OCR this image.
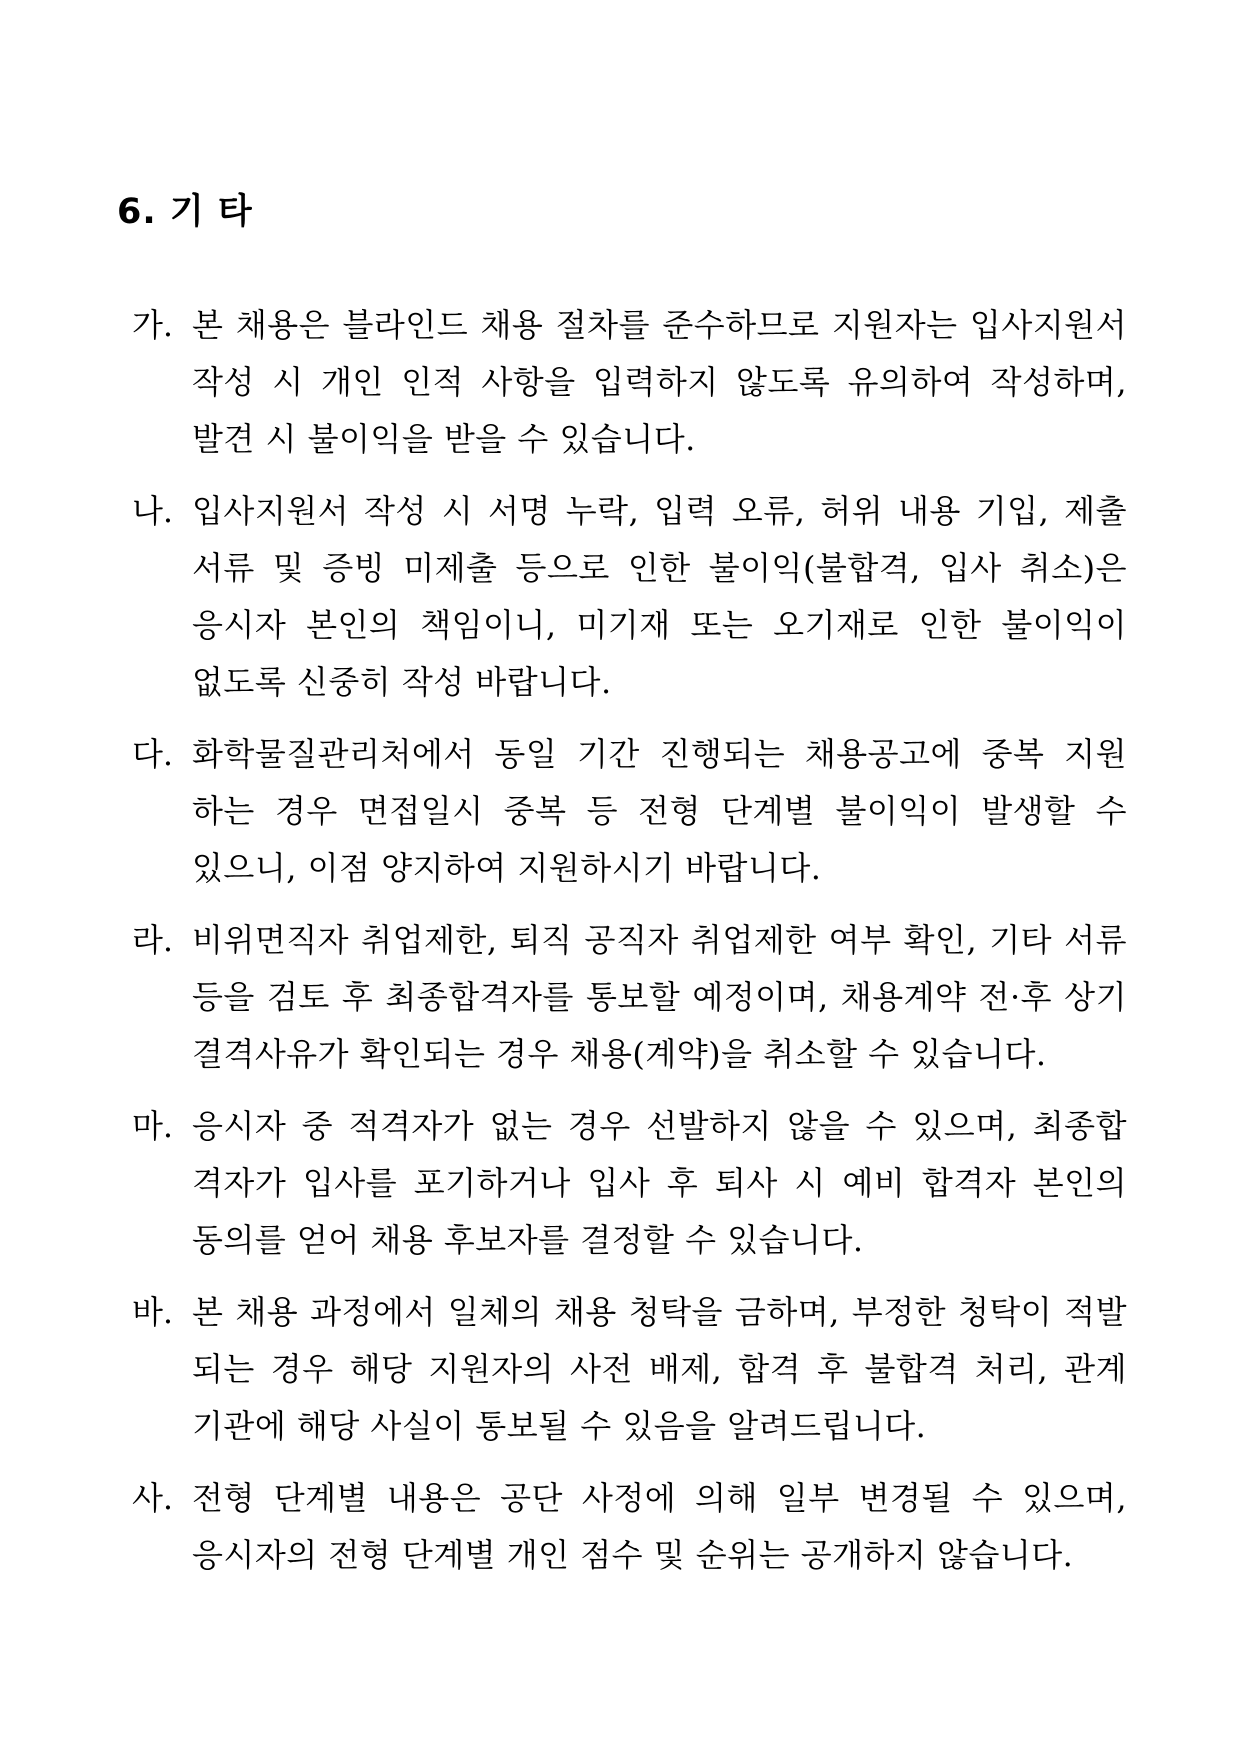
6. 기 타
가. 본 채용은 블라인드 채용 절차를 준수하므로 지원자는 입사지원서 작성 시 개인 인적 사항을 입력하지 않도록 유의하여 작성하며, 발견 시 불이익을 받을 수 있습니다.
나. 입사지원서 작성 시 서명 누락, 입력 오류, 허위 내용 기입, 제출 서류 및 증빙 미제출 등으로 인한 불이익(불합격, 입사 취소)은 응시자 본인의 책임이니, 미기재 또는 오기재로 인한 불이익이 없도록 신중히 작성 바랍니다.
다. 화학물질관리처에서 동일 기간 진행되는 채용공고에 중복 지원 하는 경우 면접일시 중복 등 전형 단계별 불이익이 발생할 수 있으니, 이점 양지하여 지원하시기 바랍니다.
라. 비위면직자 취업제한, 퇴직 공직자 취업제한 여부 확인, 기타 서류 등을 검토 후 최종합격자를 통보할 예정이며, 채용계약 전·후 상기 결격사유가 확인되는 경우 채용(계약)을 취소할 수 있습니다.
마. 응시자 중 적격자가 없는 경우 선발하지 않을 수 있으며, 최종합 격자가 입사를 포기하거나 입사 후 퇴사 시 예비 합격자 본인의 동의를 얻어 채용 후보자를 결정할 수 있습니다.
바. 본 채용 과정에서 일체의 채용 청탁을 금하며, 부정한 청탁이 적발 되는 경우 해당 지원자의 사전 배제, 합격 후 불합격 처리, 관계 기관에 해당 사실이 통보될 수 있음을 알려드립니다.
사. 전형 단계별 내용은 공단 사정에 의해 일부 변경될 수 있으며, 응시자의 전형 단계별 개인 점수 및 순위는 공개하지 않습니다.
